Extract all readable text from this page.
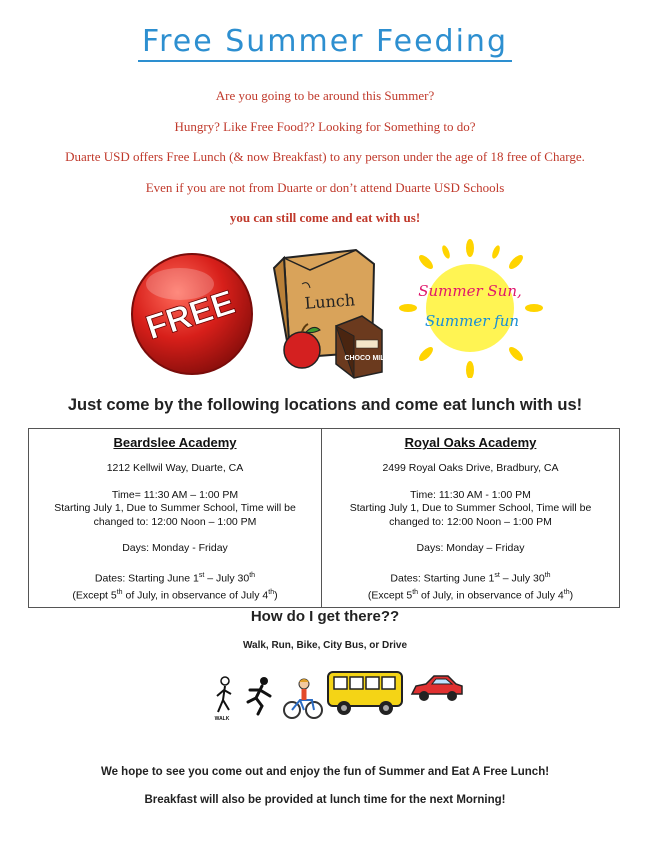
Free Summer Feeding
Are you going to be around this Summer?
Hungry? Like Free Food?? Looking for Something to do?
Duarte USD offers Free Lunch (& now Breakfast) to any person under the age of 18 free of Charge.
Even if you are not from Duarte or don’t attend Duarte USD Schools
you can still come and eat with us!
FREE	Lunch
CHOCO MILK
Summer Sun,
Summer fun
Just come by the following locations and come eat lunch with us!
Beardslee Academy
1212 Kellwil Way, Duarte, CA
Time= 11:30 AM – 1:00 PM
Starting July 1, Due to Summer School, Time will be
changed to: 12:00 Noon – 1:00 PM
Days: Monday - Friday
Dates: Starting June 1st – July 30th
(Except 5th of July, in observance of July 4th)
Royal Oaks Academy
2499 Royal Oaks Drive, Bradbury, CA
Time: 11:30 AM - 1:00 PM
Starting July 1, Due to Summer School, Time will be
changed to: 12:00 Noon – 1:00 PM
Days: Monday – Friday
Dates: Starting June 1st – July 30th
(Except 5th of July, in observance of July 4th)
How do I get there??
Walk, Run, Bike, City Bus, or Drive
WALK
We hope to see you come out and enjoy the fun of Summer and Eat A Free Lunch!
Breakfast will also be provided at lunch time for the next Morning!
